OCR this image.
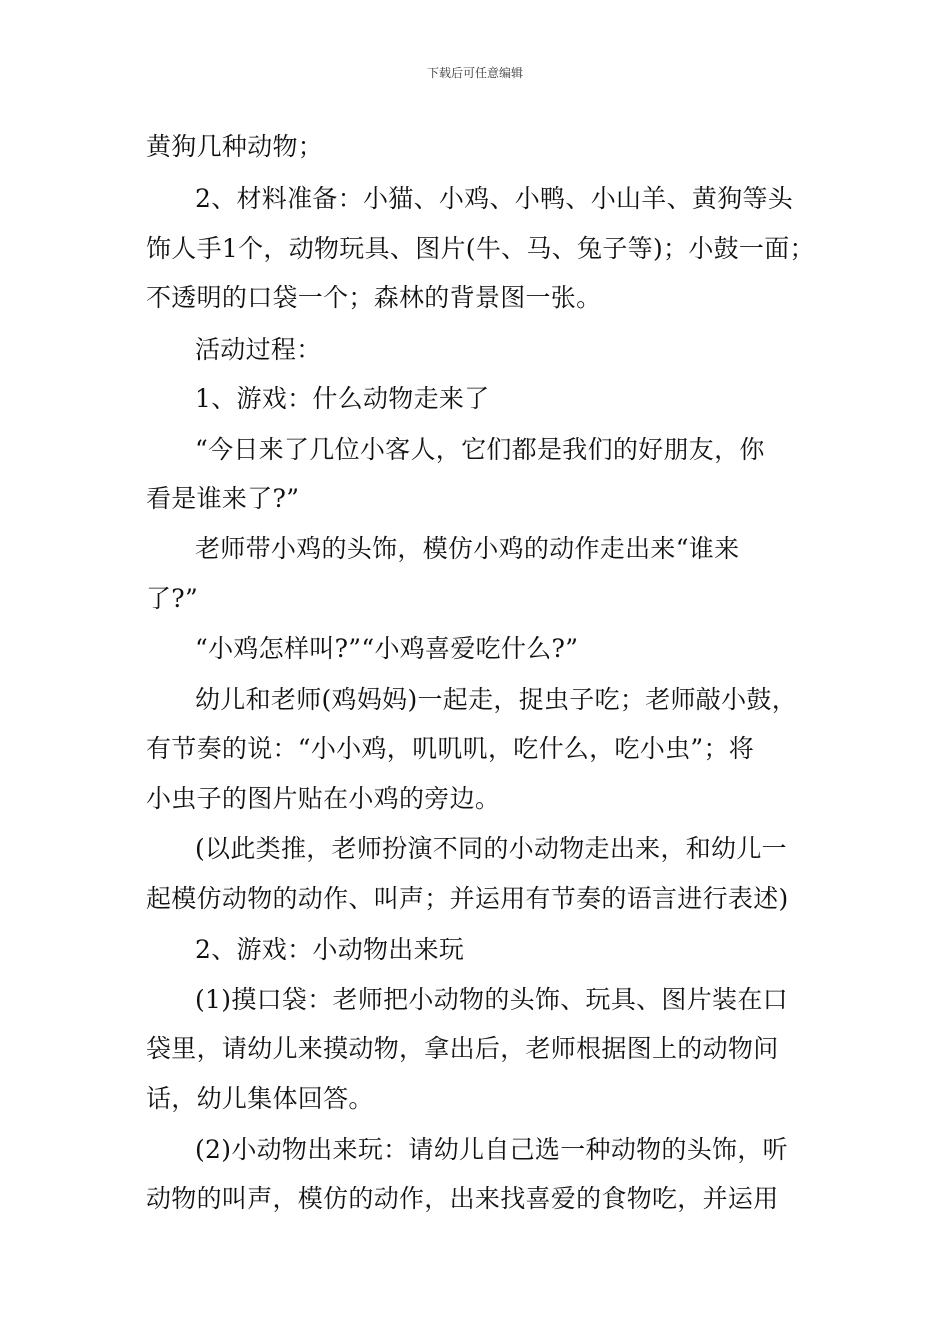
下载后可任意编辑
黄狗几种动物；
2、材料准备：小猫、小鸡、小鸭、小山羊、黄狗等头
饰人手1个，动物玩具、图片(牛、马、兔子等)；小鼓一面；
不透明的口袋一个；森林的背景图一张。
活动过程：
1、游戏：什么动物走来了
“今日来了几位小客人，它们都是我们的好朋友，你
看是谁来了?”
老师带小鸡的头饰，模仿小鸡的动作走出来“谁来
了?”
“小鸡怎样叫?”“小鸡喜爱吃什么?”
幼儿和老师(鸡妈妈)一起走，捉虫子吃；老师敲小鼓，
有节奏的说：“小小鸡，叽叽叽，吃什么，吃小虫”；将
小虫子的图片贴在小鸡的旁边。
(以此类推，老师扮演不同的小动物走出来，和幼儿一
起模仿动物的动作、叫声；并运用有节奏的语言进行表述)
2、游戏：小动物出来玩
(1)摸口袋：老师把小动物的头饰、玩具、图片装在口
袋里，请幼儿来摸动物，拿出后，老师根据图上的动物问
话，幼儿集体回答。
(2)小动物出来玩：请幼儿自己选一种动物的头饰，听
动物的叫声，模仿的动作，出来找喜爱的食物吃，并运用
